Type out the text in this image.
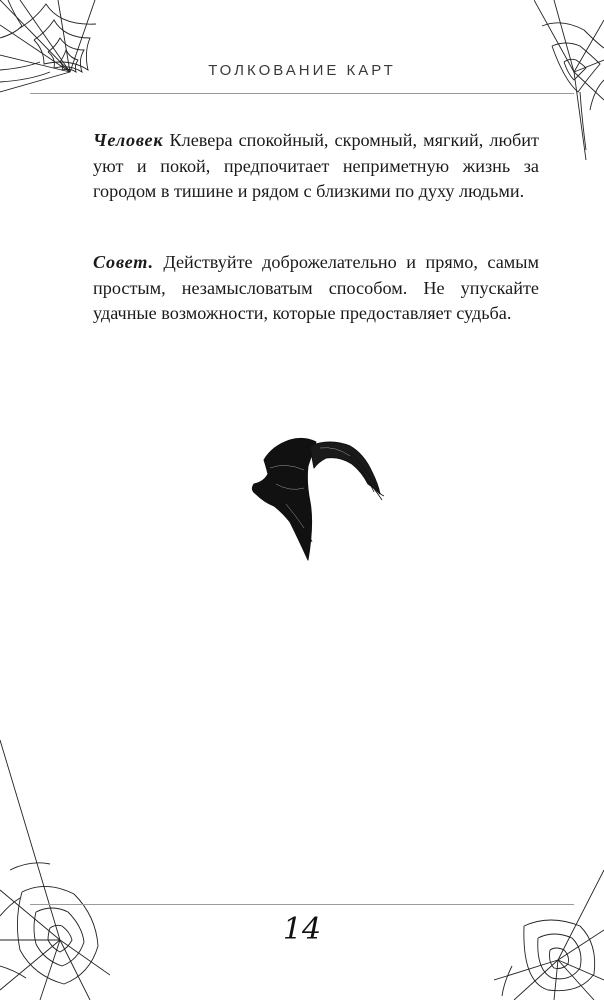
ТОЛКОВАНИЕ КАРТ

Человек Клевера спокойный, скромный, мягкий, любит уют и покой, предпочитает неприметную жизнь за городом в тишине и рядом с близкими по духу людьми.

Совет. Действуйте доброжелательно и прямо, самым простым, незамысловатым способом. Не упускайте удачные возможности, которые предоставляет судьба.

14
